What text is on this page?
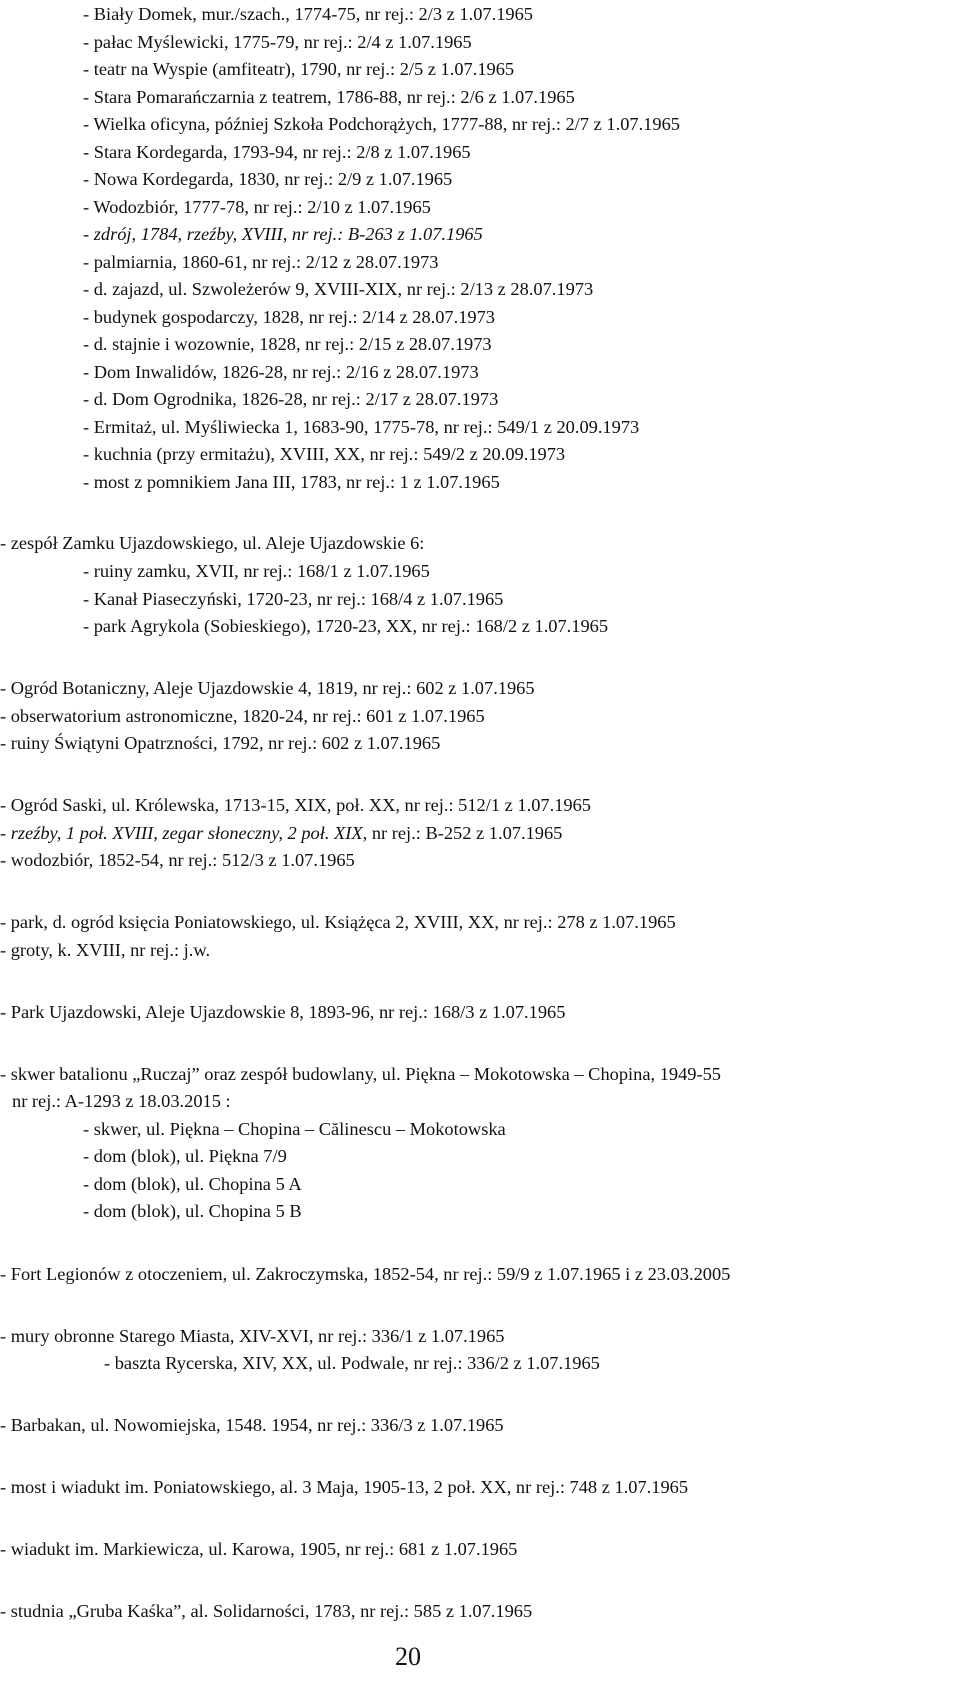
- Biały Domek, mur./szach., 1774-75, nr rej.: 2/3 z 1.07.1965
- pałac Myślewicki, 1775-79, nr rej.: 2/4 z 1.07.1965
- teatr na Wyspie (amfiteatr), 1790, nr rej.: 2/5 z 1.07.1965
- Stara Pomarańczarnia z teatrem, 1786-88, nr rej.: 2/6 z 1.07.1965
- Wielka oficyna, później Szkoła Podchorążych, 1777-88, nr rej.: 2/7 z 1.07.1965
- Stara Kordegarda, 1793-94, nr rej.: 2/8 z 1.07.1965
- Nowa Kordegarda, 1830, nr rej.: 2/9 z 1.07.1965
- Wodozbiór, 1777-78, nr rej.: 2/10 z 1.07.1965
- zdrój, 1784, rzeźby, XVIII, nr rej.: B-263 z 1.07.1965
- palmiarnia, 1860-61, nr rej.: 2/12 z 28.07.1973
- d. zajazd, ul. Szwoleżerów 9, XVIII-XIX, nr rej.: 2/13 z 28.07.1973
- budynek gospodarczy, 1828, nr rej.: 2/14 z 28.07.1973
- d. stajnie i wozownie, 1828, nr rej.: 2/15 z 28.07.1973
- Dom Inwalidów, 1826-28, nr rej.: 2/16 z 28.07.1973
- d. Dom Ogrodnika, 1826-28, nr rej.: 2/17 z 28.07.1973
- Ermitaż, ul. Myśliwiecka 1, 1683-90, 1775-78, nr rej.: 549/1 z 20.09.1973
- kuchnia (przy ermitażu), XVIII, XX, nr rej.: 549/2 z 20.09.1973
- most z pomnikiem Jana III, 1783, nr rej.: 1 z 1.07.1965
- zespół Zamku Ujazdowskiego, ul. Aleje Ujazdowskie 6:
- ruiny zamku, XVII, nr rej.: 168/1 z 1.07.1965
- Kanał Piaseczyński, 1720-23, nr rej.: 168/4 z 1.07.1965
- park Agrykola (Sobieskiego), 1720-23, XX, nr rej.: 168/2 z 1.07.1965
- Ogród Botaniczny, Aleje Ujazdowskie 4, 1819, nr rej.: 602 z 1.07.1965
- obserwatorium astronomiczne, 1820-24, nr rej.: 601 z 1.07.1965
- ruiny Świątyni Opatrzności, 1792, nr rej.: 602 z 1.07.1965
- Ogród Saski, ul. Królewska, 1713-15, XIX, poł. XX, nr rej.: 512/1 z 1.07.1965
- rzeźby, 1 poł. XVIII, zegar słoneczny, 2 poł. XIX, nr rej.: B-252 z 1.07.1965
- wodozbiór, 1852-54, nr rej.: 512/3 z 1.07.1965
- park, d. ogród księcia Poniatowskiego, ul. Książęca 2, XVIII, XX, nr rej.: 278 z 1.07.1965
- groty, k. XVIII, nr rej.: j.w.
- Park Ujazdowski, Aleje Ujazdowskie 8, 1893-96, nr rej.: 168/3 z 1.07.1965
- skwer batalionu „Ruczaj” oraz zespół budowlany, ul. Piękna – Mokotowska – Chopina, 1949-55
nr rej.: A-1293 z 18.03.2015 :
- skwer, ul. Piękna – Chopina – Călinescu – Mokotowska
- dom (blok), ul. Piękna 7/9
- dom (blok), ul. Chopina 5 A
- dom (blok), ul. Chopina 5 B
- Fort Legionów z otoczeniem, ul. Zakroczymska, 1852-54, nr rej.: 59/9 z 1.07.1965 i z 23.03.2005
- mury obronne Starego Miasta, XIV-XVI, nr rej.: 336/1 z 1.07.1965
- baszta Rycerska, XIV, XX, ul. Podwale, nr rej.: 336/2 z 1.07.1965
- Barbakan, ul. Nowomiejska, 1548. 1954, nr rej.: 336/3 z 1.07.1965
- most i wiadukt im. Poniatowskiego, al. 3 Maja, 1905-13, 2 poł. XX, nr rej.: 748 z 1.07.1965
- wiadukt im. Markiewicza, ul. Karowa, 1905, nr rej.: 681 z 1.07.1965
- studnia „Gruba Kaśka”, al. Solidarności, 1783, nr rej.: 585 z 1.07.1965
20
